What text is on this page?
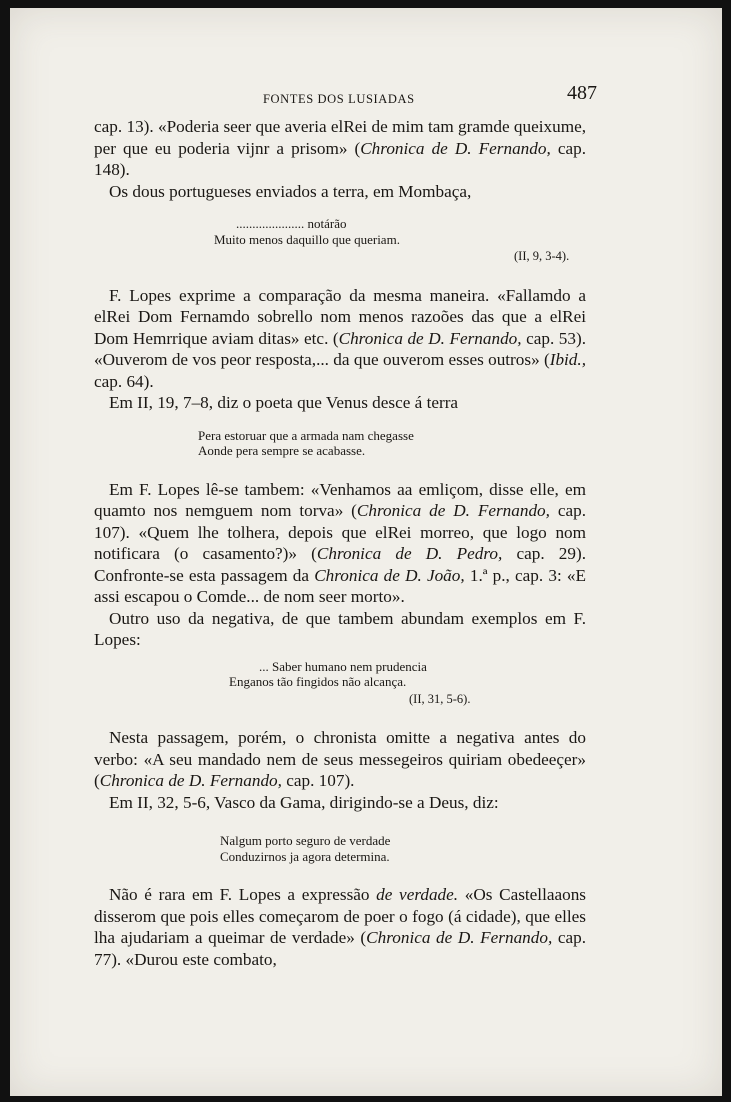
FONTES DOS LUSIADAS	487

cap. 13). «Poderia seer que averia elRei de mim tam gramde queixume, per que eu poderia vijnr a prisom» (Chronica de D. Fernando, cap. 148).

Os dous portugueses enviados a terra, em Mombaça,

..................... notárão
Muito menos daquillo que queriam.
(II, 9, 3-4).

F. Lopes exprime a comparação da mesma maneira. «Fallamdo a elRei Dom Fernamdo sobrello nom menos razoões das que a elRei Dom Hemrrique aviam ditas» etc. (Chronica de D. Fernando, cap. 53). «Ouverom de vos peor resposta,... da que ouverom esses outros» (Ibid., cap. 64).

Em II, 19, 7–8, diz o poeta que Venus desce á terra

Pera estoruar que a armada nam chegasse
Aonde pera sempre se acabasse.

Em F. Lopes lê-se tambem: «Venhamos aa emliçom, disse elle, em quamto nos nemguem nom torva» (Chronica de D. Fernando, cap. 107). «Quem lhe tolhera, depois que elRei morreo, que logo nom notificara (o casamento?)» (Chronica de D. Pedro, cap. 29). Confronte-se esta passagem da Chronica de D. João, 1.ª p., cap. 3: «E assi escapou o Comde... de nom seer morto».

Outro uso da negativa, de que tambem abundam exemplos em F. Lopes:

... Saber humano nem prudencia
Enganos tão fingidos não alcança.
(II, 31, 5-6).

Nesta passagem, porém, o chronista omitte a negativa antes do verbo: «A seu mandado nem de seus messegeiros quiriam obedeeçer» (Chronica de D. Fernando, cap. 107).

Em II, 32, 5-6, Vasco da Gama, dirigindo-se a Deus, diz:

Nalgum porto seguro de verdade
Conduzirnos ja agora determina.

Não é rara em F. Lopes a expressão de verdade. «Os Castellaaons disserom que pois elles começarom de poer o fogo (á cidade), que elles lha ajudariam a queimar de verdade» (Chronica de D. Fernando, cap. 77). «Durou este combato,
